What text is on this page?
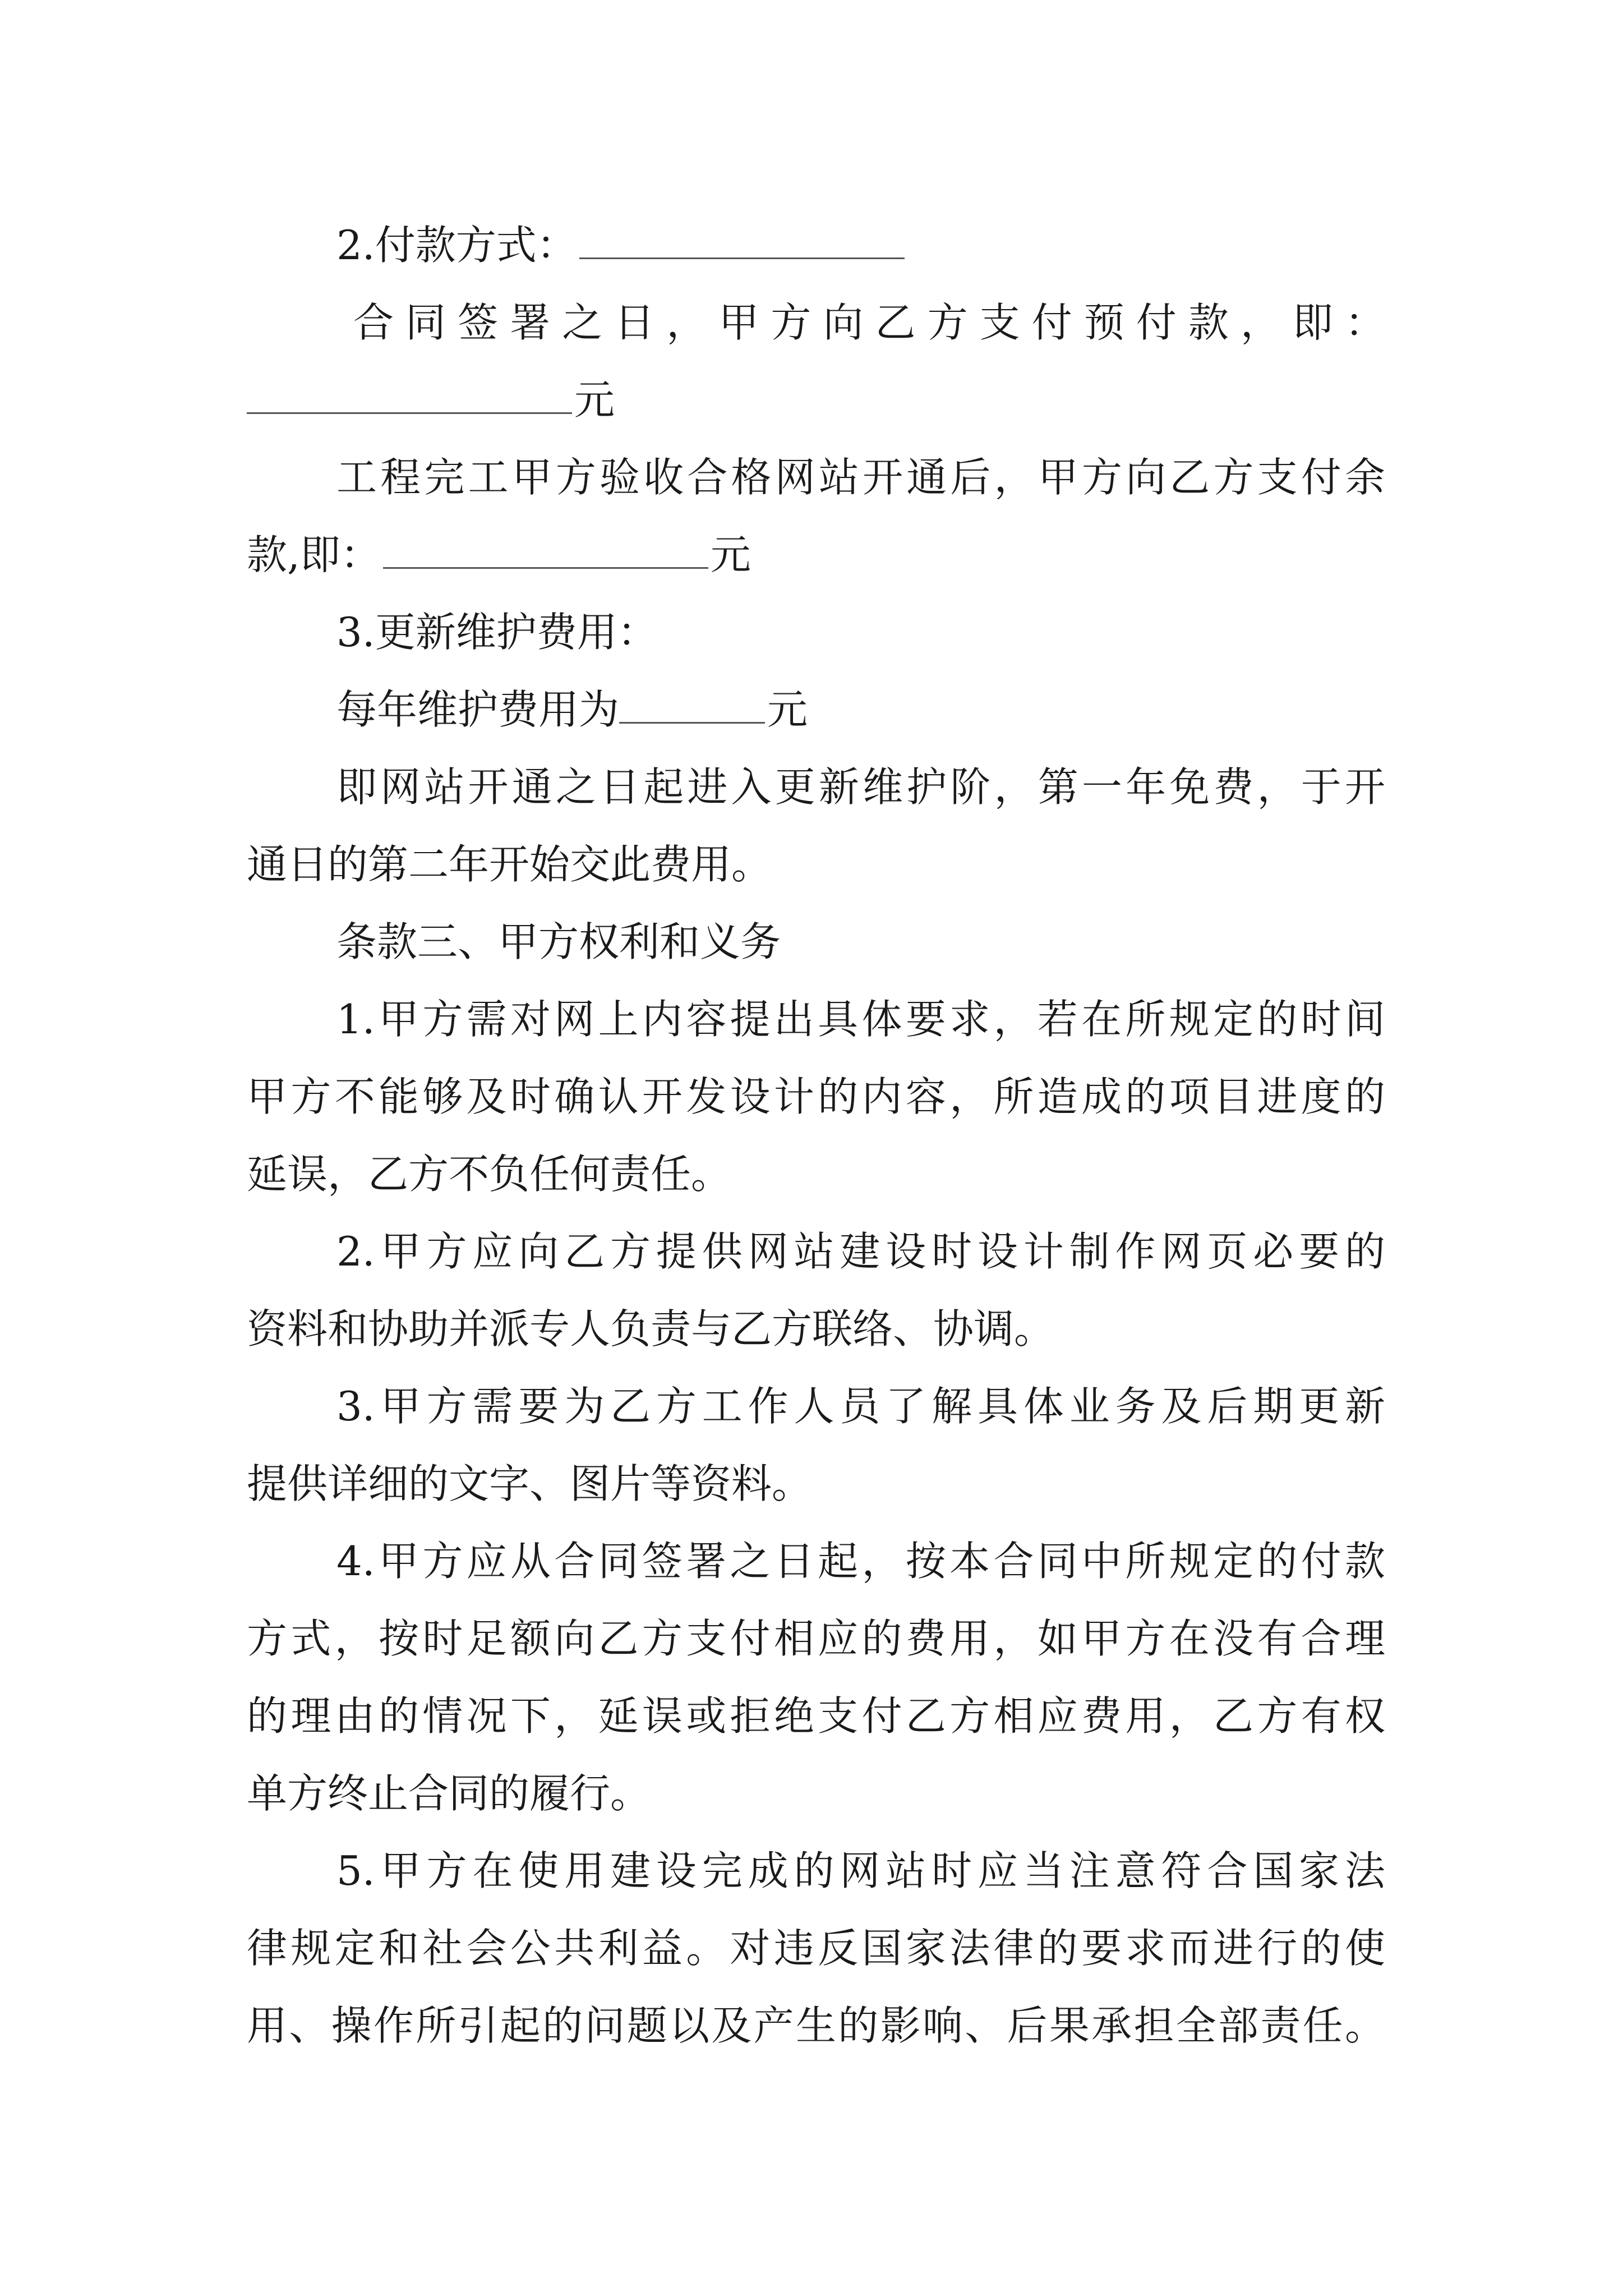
2.付款方式：
合同签署之日，甲方向乙方支付预付款，即：
元
工程完工甲方验收合格网站开通后，甲方向乙方支付余
款,即：	元
3.更新维护费用：
每年维护费用为	元
即网站开通之日起进入更新维护阶，第一年免费，于开
通日的第二年开始交此费用。
条款三、甲方权利和义务
1.甲方需对网上内容提出具体要求，若在所规定的时间
甲方不能够及时确认开发设计的内容，所造成的项目进度的
延误，乙方不负任何责任。
2.甲方应向乙方提供网站建设时设计制作网页必要的
资料和协助并派专人负责与乙方联络、协调。
3.甲方需要为乙方工作人员了解具体业务及后期更新
提供详细的文字、图片等资料。
4.甲方应从合同签署之日起，按本合同中所规定的付款
方式，按时足额向乙方支付相应的费用，如甲方在没有合理
的理由的情况下，延误或拒绝支付乙方相应费用，乙方有权
单方终止合同的履行。
5.甲方在使用建设完成的网站时应当注意符合国家法
律规定和社会公共利益。对违反国家法律的要求而进行的使
用、操作所引起的问题以及产生的影响、后果承担全部责任。
